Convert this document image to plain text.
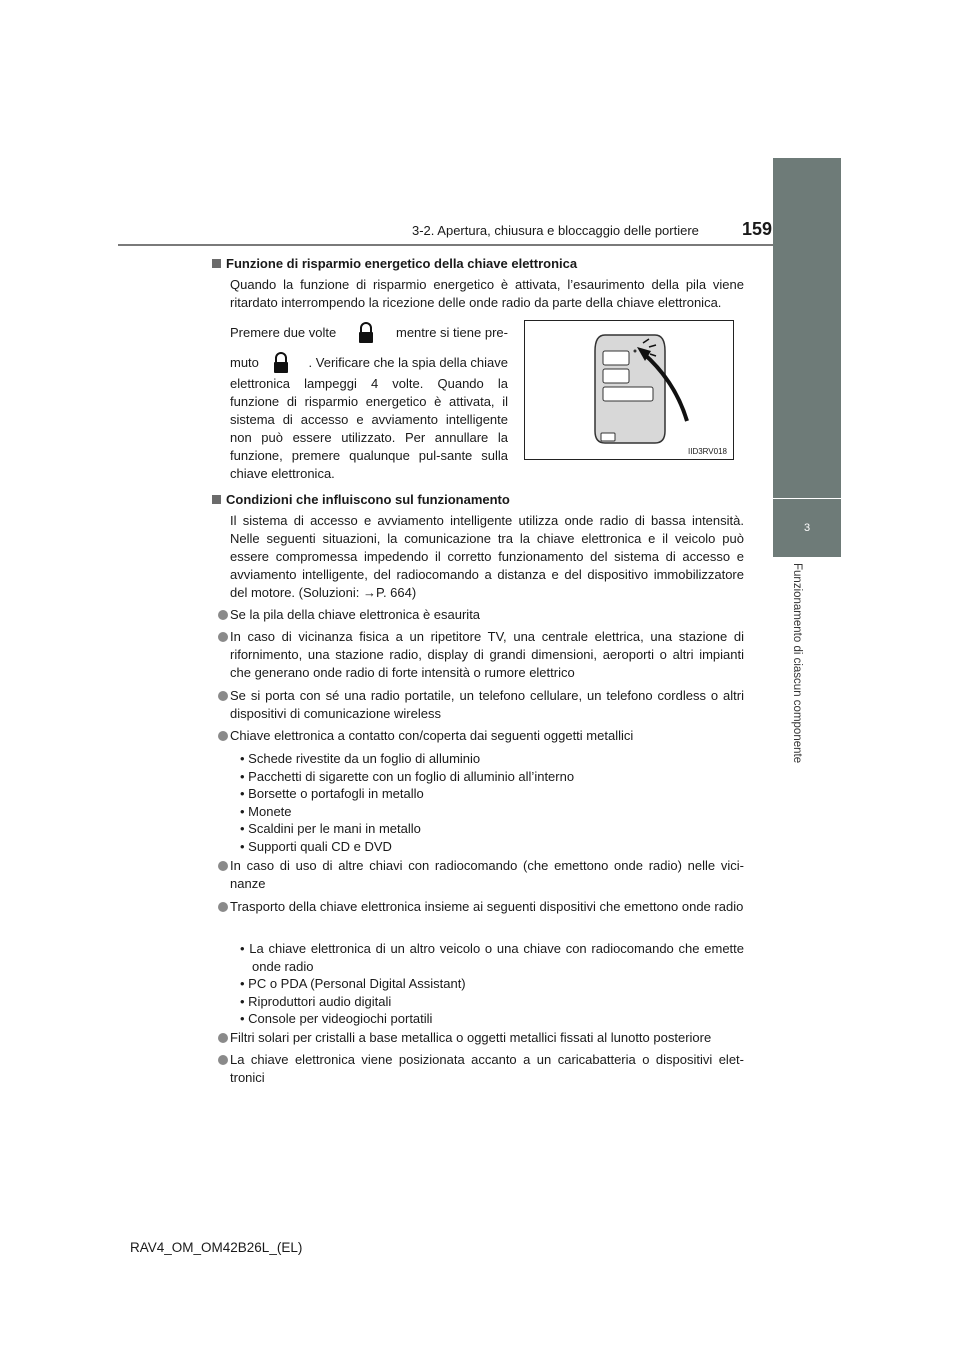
3-2. Apertura, chiusura e bloccaggio delle portiere 159
3
Funzionamento di ciascun componente
Funzione di risparmio energetico della chiave elettronica

Quando la funzione di risparmio energetico è attivata, l’esaurimento della pila viene ritardato interrompendo la ricezione delle onde radio da parte della chiave elettronica.

Premere due volte	mentre si tiene pre-
muto	. Verificare che la spia della chiave

elettronica lampeggi 4 volte. Quando la funzione di risparmio energetico è attivata, il sistema di accesso e avviamento intelligente non può essere utilizzato. Per annullare la funzione, premere qualunque pul-sante sulla chiave elettronica.

IID3RV018
Condizioni che influiscono sul funzionamento

Il sistema di accesso e avviamento intelligente utilizza onde radio di bassa intensità. Nelle seguenti situazioni, la comunicazione tra la chiave elettronica e il veicolo può essere compromessa impedendo il corretto funzionamento del sistema di accesso e avviamento intelligente, del radiocomando a distanza e del dispositivo immobilizzatore del motore. (Soluzioni: →P. 664)

Se la pila della chiave elettronica è esaurita
In caso di vicinanza fisica a un ripetitore TV, una centrale elettrica, una stazione di rifornimento, una stazione radio, display di grandi dimensioni, aeroporti o altri impianti che generano onde radio di forte intensità o rumore elettrico
Se si porta con sé una radio portatile, un telefono cellulare, un telefono cordless o altri dispositivi di comunicazione wireless
Chiave elettronica a contatto con/coperta dai seguenti oggetti metallici
• Schede rivestite da un foglio di alluminio
• Pacchetti di sigarette con un foglio di alluminio all’interno
• Borsette o portafogli in metallo
• Monete
• Scaldini per le mani in metallo
• Supporti quali CD e DVD
In caso di uso di altre chiavi con radiocomando (che emettono onde radio) nelle vici-nanze
Trasporto della chiave elettronica insieme ai seguenti dispositivi che emettono onde radio
• La chiave elettronica di un altro veicolo o una chiave con radiocomando che emette onde radio
• PC o PDA (Personal Digital Assistant)
• Riproduttori audio digitali
• Console per videogiochi portatili
Filtri solari per cristalli a base metallica o oggetti metallici fissati al lunotto posteriore
La chiave elettronica viene posizionata accanto a un caricabatteria o dispositivi elet-tronici
RAV4_OM_OM42B26L_(EL)
